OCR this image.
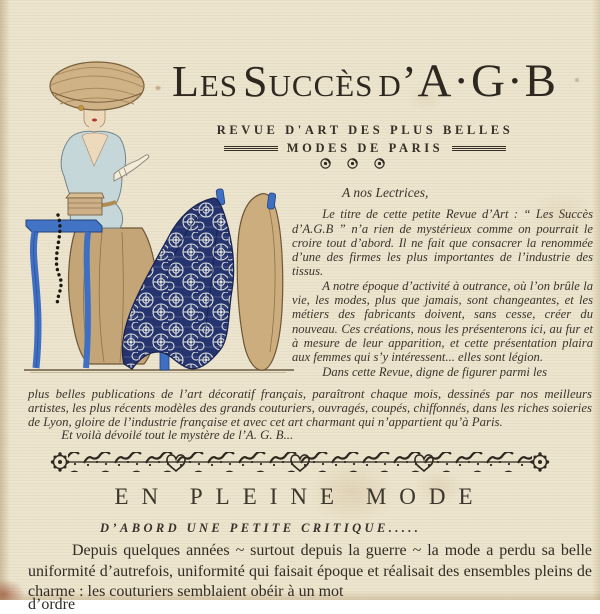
Les Succès d’A·G·B
REVUE D'ART DES PLUS BELLES
MODES DE PARIS
A nos Lectrices,

Le titre de cette petite Revue d’Art : “ Les Succès d’A.G.B ” n’a rien de mystérieux comme on pourrait le croire tout d’abord. Il ne fait que consacrer la renommée d’une des firmes les plus importantes de l’industrie des tissus.

A notre époque d’activité à outrance, où l’on brûle la vie, les modes, plus que jamais, sont changeantes, et les métiers des fabricants doivent, sans cesse, créer du nouveau. Ces créations, nous les présenterons ici, au fur et à mesure de leur apparition, et cette présentation plaira aux femmes qui s’y intéressent... elles sont légion.

Dans cette Revue, digne de figurer parmi les

plus belles publications de l’art décoratif français, paraîtront chaque mois, dessinés par nos meilleurs artistes, les plus récents modèles des grands couturiers, ouvragés, coupés, chiffonnés, dans les riches soieries de Lyon, gloire de l’industrie française et avec cet art charmant qui n’appartient qu’à Paris.
Et voilà dévoilé tout le mystère de l’A. G. B...
EN PLEINE MODE
D’ABORD UNE PETITE CRITIQUE.....

Depuis quelques années ~ surtout depuis la guerre ~ la mode a perdu sa belle uniformité d’autrefois, uniformité qui faisait époque et réalisait des ensembles pleins de charme : les couturiers semblaient obéir à un mot

d’ordre
